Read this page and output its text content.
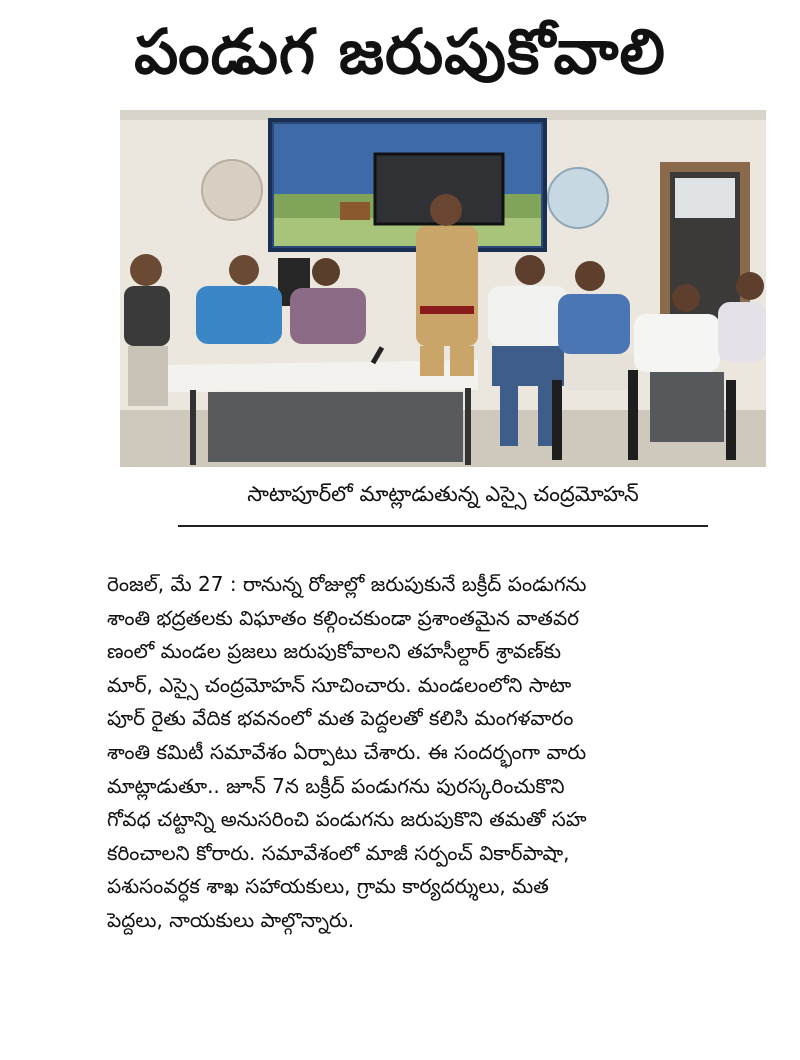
పండుగ జరుపుకోవాలి
సాటాపూర్‌లో మాట్లాడుతున్న ఎస్సై చంద్రమోహన్
రెంజల్, మే 27 : రానున్న రోజుల్లో జరుపుకునే బక్రీద్ పండుగను
శాంతి భద్రతలకు విఘాతం కల్గించకుండా ప్రశాంతమైన వాతవర
ణంలో మండల ప్రజలు జరుపుకోవాలని తహసీల్దార్ శ్రావణ్‌కు
మార్, ఎస్సై చంద్రమోహన్ సూచించారు. మండలంలోని సాటా
పూర్ రైతు వేదిక భవనంలో మత పెద్దలతో కలిసి మంగళవారం
శాంతి కమిటీ సమావేశం ఏర్పాటు చేశారు. ఈ సందర్భంగా వారు
మాట్లాడుతూ.. జూన్ 7న బక్రీద్ పండుగను పురస్కరించుకొని
గోవధ చట్టాన్ని అనుసరించి పండుగను జరుపుకొని తమతో సహ
కరించాలని కోరారు. సమావేశంలో మాజీ సర్పంచ్ వికార్‌పాషా,
పశుసంవర్ధక శాఖ సహాయకులు, గ్రామ కార్యదర్శులు, మత
పెద్దలు, నాయకులు పాల్గొన్నారు.
